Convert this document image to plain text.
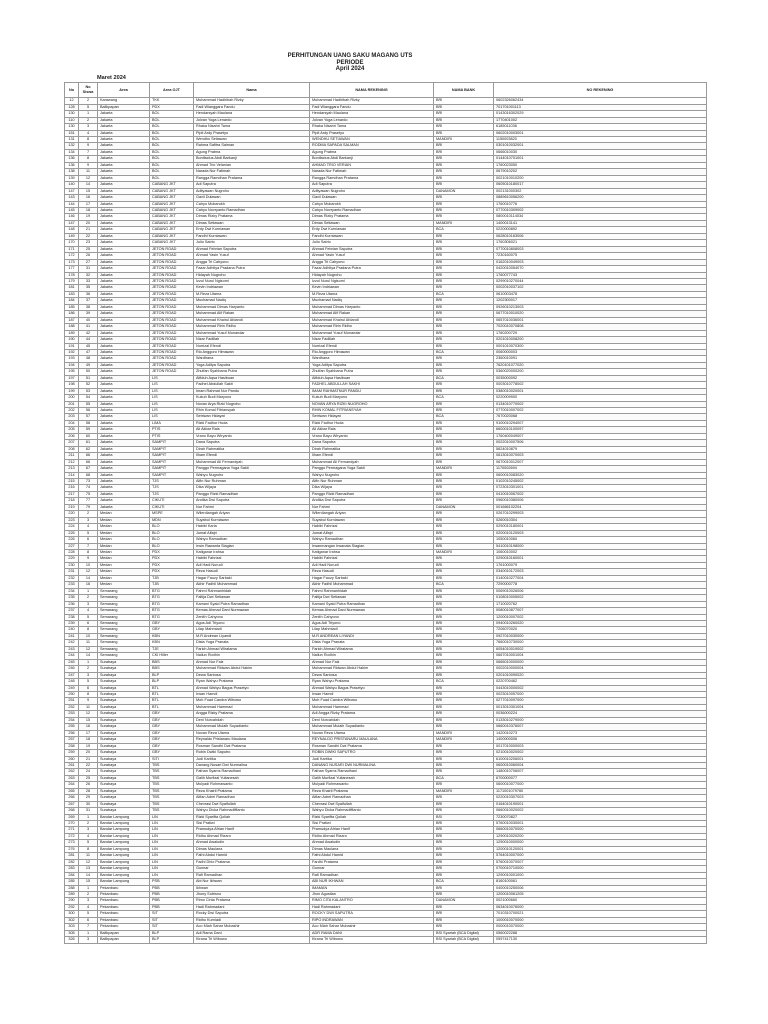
PERHITUNGAN UANG SAKU MAGANG UTS
PERIODE
April 2024
Maret 2024
No	No Siswa	Area	Area OJT	Nama	NAMA REKENING	NAMA BANK	NO REKENING
12	2	Karawang	TKK	Muhammad Hadhibah Rizky	Muhammad Hadhibah Rizky	BRI	0602326062434
128	5	Balikpapan	PDX	Fadi Wianggara Fandu	Fadi Wianggara Fandu	BRI	701701001113
130	1	Jakarta	BOL	Hendarsyah Maulana	Hendarsyah Maulana	BRI	0143016302029
110	2	Jakarta	BOL	Jolvan Yoga Lenardo	Jolvan Yoga Lenardo	BRI	1770401002
130	3	Jakarta	BOL	Rhaka Nisahri Tama	Rhaka Nisahri Tama	BRI	6185011036
151	4	Jakarta	BOL	Pipit Ardy Prasetyo	Pipit Ardy Prasetyo	BRI	0602010003001
131	8	Jakarta	BOL	Wendhu Setiawan	WENDHU SETIAWAN	MANDIRI	1150003820
132	9	Jakarta	BOL	Rahma Safitra Salman	RODMA SAPADA SALMAN	BRI	0301010032001
134	7	Jakarta	BOL	Agung Pratma	Agung Pratma	BRI	0666010030
136	8	Jakarta	BOL	Bonifacius Abdi Barkanji	Bonifacius Abdi Barkanji	BRI	0144010701001
136	9	Jakarta	BOL	Ahmad Trio Velanian	AHMAD TRIO VERIAN	BRI	1760023050
138	11	Jakarta	BOL	Narada Nur Fatimah	Narada Nur Fatimah	BRI	0679010202
139	12	Jakarta	BOL	Rangga Ramdhan Pratama	Rangga Ramdhan Pratama	BRI	0021010010200
140	14	Jakarta	CABANG JKT	Adi Saputra	Adi Saputra	BRI	0605010180017
147	15	Jakarta	CABANG JKT	Adityawan Nugroho	Adityawan Nugroho	DANAMON	002131000302
143	16	Jakarta	CABANG JKT	Gavil Dulawan	Gavil Dulawan	BRI	0889610056200
144	17	Jakarta	CABANG JKT	Cahyo Mubarokh	Cahyo Mubarokh	BRI	1760010776
145	18	Jakarta	CABANG JKT	Cahyo Novryanto Ramadhan	Cahyo Novryanto Ramadhan	BRI	0770010309002
146	19	Jakarta	CABANG JKT	Dimas Rizky Pratama	Dimas Rizky Pratama	BRI	0800010114034
147	20	Jakarta	CABANG JKT	Dimas Setiawan	Dimas Setiawan	MANDIRI	1400013141
148	21	Jakarta	CABANG JKT	Erdy Dwi Kurniawan	Erdy Dwi Kurniawan	BCA	0220000892
149	22	Jakarta	CABANG JKT	Fandhi Kurniawan	Fandhi Kurniawan	BRI	0628010163006
170	23	Jakarta	CABANG JKT	Julio Satrio	Julio Satrio	BRI	1760306021
171	25	Jakarta	JETON ROAD	Ahmad Febrian Saputra	Ahmad Febrian Saputra	BRI	0770010808003
172	26	Jakarta	JETON ROAD	Ahmad Yasin Yusuf	Ahmad Yasin Yusuf	BRI	7230160075
173	27	Jakarta	JETON ROAD	Angga Tri Cahyono	Angga Tri Cahyono	BRI	0162010049003
177	31	Jakarta	JETON ROAD	Fazar Adhitya Pradana Putra	Fazar Adhitya Pradana Putra	BRI	0420010054070
178	32	Jakarta	JETON ROAD	Hidayah Nugroho	Hidayah Nugroho	BRI	1760077743
179	33	Jakarta	JETON ROAD	Izzul Nurul Ngisomi	Izzul Nurul Ngisomi	BRI	0299010270044
181	35	Jakarta	JETON ROAD	Kevin Indriawan	Kevin Indriawan	BRI	0002010037102
183	36	Jakarta	JETON ROAD	M.Reza Utama	M.Reza Utama	BCA	0610003478
184	37	Jakarta	JETON ROAD	Muchamad Nadiq	Muchamad Nadiq	BRI	1202300017
185	38	Jakarta	JETON ROAD	Muhammad Dimas Haryanto	Muhammad Dimas Haryanto	BRI	0926010213003
186	39	Jakarta	JETON ROAD	Muhammad Alif Rakan	Muhammad Alif Rakan	BRI	0677010010020
187	40	Jakarta	JETON ROAD	Muhammad Khairul Afdandi	Muhammad Khairul Afdandi	BRI	0657010036001
188	41	Jakarta	JETON ROAD	Muhammad Ririn Ridho	Muhammad Ririn Ridho	BRI	7020010070808
189	42	Jakarta	JETON ROAD	Muhammad Yusuf Munandar	Muhammad Yusuf Munandar	BRI	1760200729
190	44	Jakarta	JETON ROAD	Nizar Fadillah	Nizar Fadillah	BRI	0201010008200
191	45	Jakarta	JETON ROAD	Nurrizal Efendi	Nurrizal Efendi	BRI	0001010070300
192	47	Jakarta	JETON ROAD	Rio Anggoro Himawan	Rio Anggoro Himawan	BCA	0060000003
193	48	Jakarta	JETON ROAD	Wardhana	Wardhana	BRI	2360010091
194	49	Jakarta	JETON ROAD	Yoga Aditya Saputra	Yoga Aditya Saputra	BRI	7620101077020
195	50	Jakarta	JETON ROAD	Zhulfan Syahbana Putra	Zhulfan Syahbana Putra	BRI	0360020000200
197	51	Jakarta	LIS	Alfiduh Aqsa Hasibuan	Alfiduh Aqsa Hasibuan	BCA	0035000092
198	52	Jakarta	LIS	Fadhel Abdullah Sakti	FADHEL ABDULLAH SAKHI	BRI	0003010778002
199	53	Jakarta	LIS	Imam Rahmat Nur Pandu	IMAM RAHMATNUR PANDU	BRI	0380010020001
200	54	Jakarta	LIS	Kukuh Budi Maryono	Kukuh Budi Maryono	BCA	0220009900
201	55	Jakarta	LIS	Novan Arya Rizki Nugroho	NOVAN ARYA RIZKI NUGROHO	BRI	0134010770002
202	56	Jakarta	LIS	Rhin Komal Fitriansyah	RHIN KOMAL FITRIANSYAH	BRI	0770010007002
203	57	Jakarta	LIS	Setriwan Hidayat	Setriwan Hidayat	BCA	7670020068
204	58	Jakarta	LIMA	Rizki Fadhur Huda	Rizki Fadhur Huda	BRI	9100010294007
205	59	Jakarta	PTIS	Ali Akbar Rais	Ali Akbar Rais	BRI	6600010100097
206	60	Jakarta	PTIS	Vrano Bayu Wiryanto	Vrano Bayu Wiryanto	BRI	1760400049007
207	61	Jakarta	SAMPIT	Dana Saputra	Dana Saputra	BRI	0022010007506
208	62	Jakarta	SAMPIT	Dirah Rahmatika	Dirah Rahmatika	BRI	5624010879
211	66	Jakarta	SAMPIT	Ilham Efendi	Ilham Efendi	BRI	0613010070003
212	66	Jakarta	SAMPIT	Muhammad Ali Fernandyah	Muhammad Ali Fernandyah	BRI	0670010012007
213	67	Jakarta	SAMPIT	Panggo Permagana Yoga Sakti	Panggo Permagana Yoga Sakti	MANDIRI	1170002694
214	68	Jakarta	SAMPIT	Wahyu Nugroho	Wahyu Nugroho	BRI	0600010083020
215	73	Jakarta	TJS	Alfin Nur Ruhman	Alfin Nur Ruhman	BRI	0102010245002
216	74	Jakarta	TJS	Dika Wijaya	Dika Wijaya	BRI	0723010301001
217	75	Jakarta	TJS	Panggo Rizki Ramadhan	Panggo Rizki Ramadhan	BRI	0410010067002
218	77	Jakarta	CIKUTI	Andika Dwi Saputra	Andika Dwi Saputra	BRI	0960010380006
219	79	Jakarta	CIKUTI	Nur Fahmi	Nur Fahmi	DANAMON	001666102204
220	2	Medan	MSPE	Wilerdiangah Ariyan	Wilerdiangah Ariyan	BRI	0267010299003
223	3	Medan	MDN	Suyabul Kurniawan	Suyabul Kurniawan	BRI	0260010304
224	4	Medan	BLO	Habibi Karia	Habibi Fahrizal	BRI	0290010180001
225	5	Medan	BLO	Jumat Alfajri	Jumat Alfajri	BRI	0200010120003
226	6	Medan	BLO	Wahyu Ramadhan	Wahyu Ramadhan	BRI	1050010060
227	7	Medan	BLO	Irwin Rawanta Siagian	Irwanmangan Irwanata Siagian	BRI	5410010198000
228	8	Medan	PDX	Katiganar Irahsa	Katiganar Irahsa	MANDIRI	1060010002
229	9	Medan	PDX	Habibi Fahrizal	Habibi Fahrizal	BRI	0290010160001
230	10	Medan	PDX	Adi Hadi Nurudi	Adi Hadi Nurudi	BRI	1761000079
231	12	Medan	PDX	Reza Hasudi	Reza Hasudi	BRI	0340010172003
232	14	Medan	TJB	Hagar Fauzy Sarbaki	Hagar Fauzy Sarbaki	BRI	0140010277004
233	16	Medan	TJB	Akhir Fadhil Muhammad	Akhir Fadhil Muhammad	BCA	7290000778
234	1	Semarang	BTG	Fahmi Rahmanhidah	Fahmi Rahmanhidah	BRI	0069010026006
235	2	Semarang	BTG	Faltija Dwi Setiawan	Faltija Dwi Setiawan	BRI	0108010005002
236	3	Semarang	BTG	Kamani Syaid Putra Ramadhan	Kamani Syaid Putra Ramadhan	BRI	1710020762
237	4	Semarang	BTG	Kemas Ahmad Dani Nurmawan	Kemas Ahmad Dani Nurmawan	BRI	0080010877007
238	5	Semarang	BTG	Zenith Cahyono	Zenith Cahyono	BRI	1200010007002
239	6	Semarang	GBY	Agus Adi Triyono	Agus Adi Triyono	BRI	0940010260020
240	8	Semarang	GBY	Lilap Mahmiadi	Lilap Mahmiadi	BRI	7206070020
241	10	Semarang	KBN	M.R Andrean Liyandi	M.R ANDREAN LIYANDI	BRI	0927010030000
242	11	Semarang	KBN	Dista Yoga Pranata	Dista Yoga Pranata	BRI	7660010730000
243	12	Semarang	TJE	Farich Ahmad Wiratama	Farich Ahmad Wiratama	BRI	6054010019002
244	14	Semarang	CKI Hiller	Nailun Rodhin	Nailun Rodhin	BRI	0667010001004
245	1	Surabaya	BBS	Ahmad Nur Faiz	Ahmad Nur Faiz	BRI	0666010000000
246	2	Surabaya	BBS	Muhammad Ridwan Abdul Hakim	Muhammad Ridwan Abdul Hakim	BRI	0002010000004
247	3	Surabaya	BLP	Dewa Santosa	Dewa Santosa	BRI	0201010090020
248	5	Surabaya	BLP	Ryan Wahyu Pratama	Ryan Wahyu Pratama	BCA	0220700462
249	6	Surabaya	BTL	Ahmad Wahyu Bagus Prasetyo	Ahmad Wahyu Bagus Prasetyo	BRI	0443010000002
250	8	Surabaya	BTL	Irwan Hamdi	Irwan Hamdi	BRI	0023010057000
251	9	Surabaya	BTL	Moh Fuad Candra Wibowo	Moh Fuad Candra Wibowo	BRI	0277010097000
252	11	Surabaya	BTL	Muhammad Hammad	Muhammad Hammad	BRI	0013010301004
253	12	Surabaya	GBY	Angga Rizky Pratama	Adi Angga Rizky Pratama	BRI	0036000224
254	15	Surabaya	GBY	Deni Nurcahdah	Deni Nurcahdah	BRI	0133010279000
255	16	Surabaya	GBY	Muhammad Mulaih Suyadianto	Muhammad Mulaih Suyadianto	BRI	0660010376007
256	17	Surabaya	GBY	Novan Reza Utama	Novan Reza Utama	MANDIRI	1420010273
257	18	Surabaya	GBY	Reynaldo Pristanaru Maulana	REYNALDO PRISTANARU MAULANA	MANDIRI	1400000006
258	19	Surabaya	GBY	Rosman Sandhi Dwi Pratama	Rosman Sandhi Dwi Pratama	BRI	0017010000003
259	20	Surabaya	GBY	Robin Dwiki Saputro	ROBIN DWIKI SAPUTRO	BRI	0210010020002
260	21	Surabaya	SITI	Judi Kartika	Judi Kartika	BRI	6100010206001
261	22	Surabaya	TBS	Danang Nusari Dwi Nurmalina	DANANG NUSARI DWI NURMALINA	BRI	0600010060004
262	24	Surabaya	TBS	Fathan Syams Ramadhani	Fathan Syams Ramadhani	BRI	1480010706007
263	25	Surabaya	TBS	Galih Murfizal Yulianesah	Galih Murfizal Yulianesah	BCA	6700000077
264	26	Surabaya	TBS	Mulyadi Rohmawanto	Mulyadi Rohmawanto	BRI	0600010077000
265	28	Surabaya	TBS	Reza Khairil Pratama	Reza Khairil Pratama	MANDIRI	1171001079760
266	29	Surabaya	TBS	Alfian Adrei Ramadhan	Alfian Adrei Ramadhan	BRI	0220010307003
267	30	Surabaya	TBS	Chevrasi Dwi Syaifullah	Chevrasi Dwi Syaifullah	BRI	0164010190001
268	31	Surabaya	TBS	Wahyu Dicka Rahmadiffianto	Wahyu Dicka Rahmadiffianto	BRI	0660010020002
269	1	Bandar Lampung	LIN	Rizki Syarifta Qoliah	Rizki Syarifta Qoliah	BSI	7230070827
270	2	Bandar Lampung	LIN	Sisi Pratiwi	Sisi Pratiwi	BRI	5760010030001
271	3	Bandar Lampung	LIN	Pramudya Afrian Hanif	Pramudya Afrian Hanif	BRI	0660010070000
272	4	Bandar Lampung	LIN	Ridho Ahmad Rizaro	Ridho Ahmad Rizaro	BRI	1290010020200
273	5	Bandar Lampung	LIN	Ahmad Awaludin	Ahmad Awaludin	BRI	1290010000000
276	8	Bandar Lampung	LIN	Dimas Maulana	Dimas Maulana	BRI	1200010120001
281	11	Bandar Lampung	LIN	Fathi Abdul Hamid	Fathi Abdul Hamid	BRI	5764010007000
282	12	Bandar Lampung	LIN	Fadhi Dhio Pratama	Fardhi Pratama	BRI	5760010070007
283	13	Bandar Lampung	LIN	Gunnar	Gunnar	BRI	0700010710000
284	14	Bandar Lampung	LIN	Rafi Ramadhan	Rafi Ramadhan	BRI	1290010001000
285	15	Bandar Lampung	PSB	Abi Nur Ikhwan	ABI NUR IKHWAN	BCA	8160100061
288	1	Pekanbaru	PBB	Ikhwan	IMAMAN	BRI	0400010250006
289	2	Pekanbaru	PBB	Jhony Sutrisno	Jhon Agustian	BRI	1200010061205
290	3	Pekanbaru	PBB	Rimo Cinta Pratama	RIMO CITA KALANTRO	DANAMON	0021000660
292	4	Pekanbaru	PBB	Hadi Rahmadani	Hadi Rahmadani	BRI	0634010076000
300	5	Pekanbaru	SIT	Rocky Dwi Saputra	ROCKY DWI SAPUTRA	BRI	7010310700021
302	6	Pekanbaru	SIT	Ridho Kurniadi	RIPO INDRAWAN	BRI	1000010070000
303	7	Pekanbaru	SIT	Aco Miah Sahar Mubashir	Aco Miah Sahar Mubashir	BRI	0000010070000
305	1	Balikpapan	BLP	Adi Rama Dani	ADR RAMA DANI	BSI Syariah (BCA Digital)	0560022288
326	3	Balikpapan	BLP	Kirana Tri Wibowo	Kirana Tri Wibowo	BSI Syariah (BCA Digital)	0597417130
